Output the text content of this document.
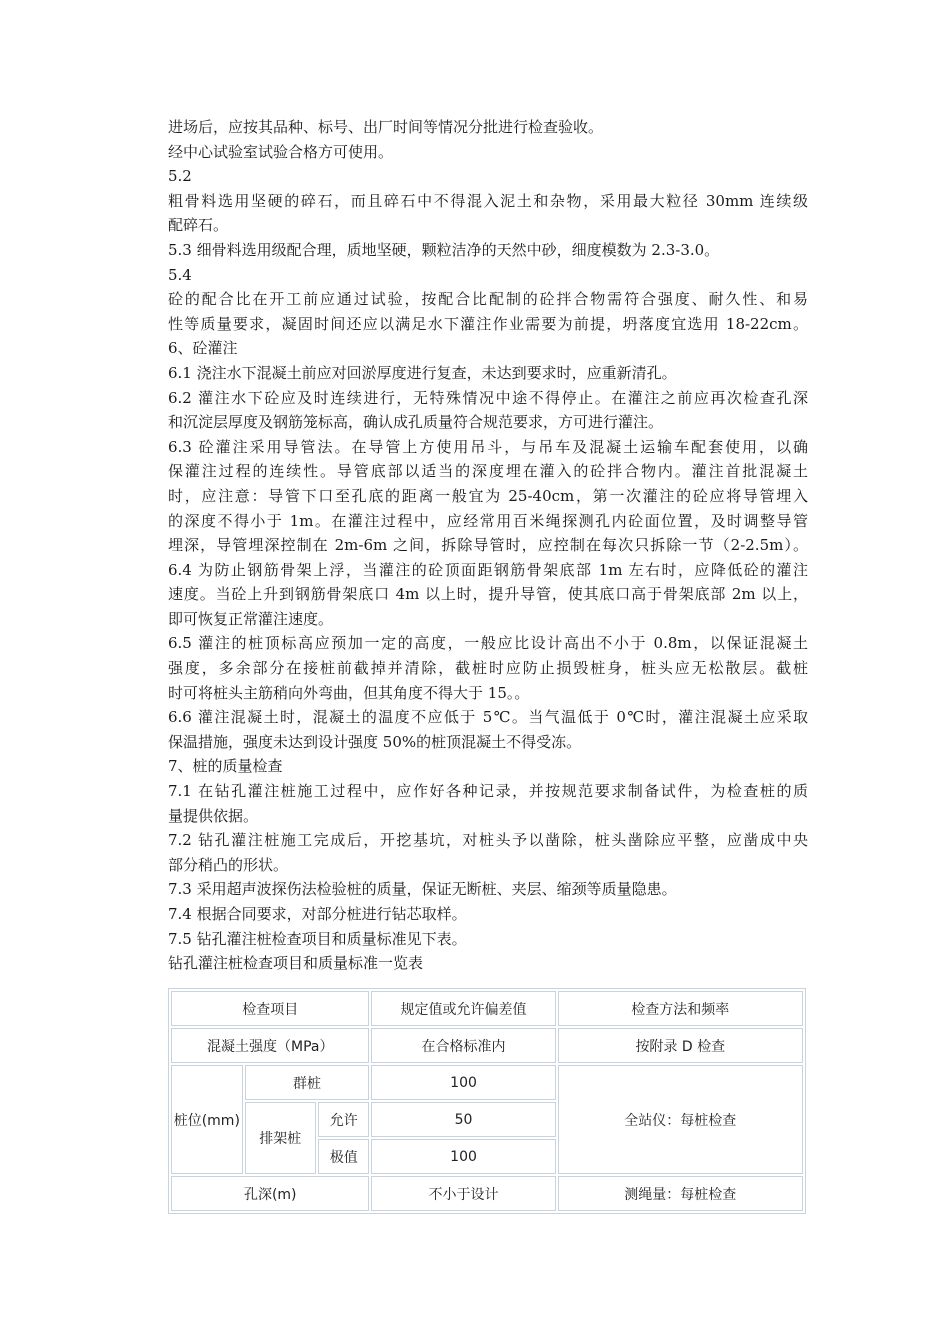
进场后，应按其品种、标号、出厂时间等情况分批进行检查验收。

经中心试验室试验合格方可使用。

5.2

粗骨料选用坚硬的碎石，而且碎石中不得混入泥土和杂物，采用最大粒径 30mm 连续级

配碎石。

5.3 细骨料选用级配合理，质地坚硬，颗粒洁净的天然中砂，细度模数为 2.3-3.0。

5.4

砼的配合比在开工前应通过试验，按配合比配制的砼拌合物需符合强度、耐久性、和易

性等质量要求，凝固时间还应以满足水下灌注作业需要为前提，坍落度宜选用 18-22cm。

6、砼灌注

6.1 浇注水下混凝土前应对回淤厚度进行复查，未达到要求时，应重新清孔。

6.2 灌注水下砼应及时连续进行，无特殊情况中途不得停止。在灌注之前应再次检查孔深

和沉淀层厚度及钢筋笼标高，确认成孔质量符合规范要求，方可进行灌注。

6.3 砼灌注采用导管法。在导管上方使用吊斗，与吊车及混凝土运输车配套使用，以确

保灌注过程的连续性。导管底部以适当的深度埋在灌入的砼拌合物内。灌注首批混凝土

时，应注意：导管下口至孔底的距离一般宜为 25-40cm，第一次灌注的砼应将导管埋入

的深度不得小于 1m。在灌注过程中，应经常用百米绳探测孔内砼面位置，及时调整导管

埋深，导管埋深控制在 2m-6m 之间，拆除导管时，应控制在每次只拆除一节（2-2.5m）。

6.4 为防止钢筋骨架上浮，当灌注的砼顶面距钢筋骨架底部 1m 左右时，应降低砼的灌注

速度。当砼上升到钢筋骨架底口 4m 以上时，提升导管，使其底口高于骨架底部 2m 以上，

即可恢复正常灌注速度。

6.5 灌注的桩顶标高应预加一定的高度，一般应比设计高出不小于 0.8m，以保证混凝土

强度，多余部分在接桩前截掉并清除，截桩时应防止损毁桩身，桩头应无松散层。截桩

时可将桩头主筋稍向外弯曲，但其角度不得大于 15。。

6.6 灌注混凝土时，混凝土的温度不应低于 5℃。当气温低于 0℃时，灌注混凝土应采取

保温措施，强度未达到设计强度 50%的桩顶混凝土不得受冻。

7、桩的质量检查

7.1 在钻孔灌注桩施工过程中，应作好各种记录，并按规范要求制备试件，为检查桩的质

量提供依据。

7.2 钻孔灌注桩施工完成后，开挖基坑，对桩头予以凿除，桩头凿除应平整，应凿成中央

部分稍凸的形状。

7.3 采用超声波探伤法检验桩的质量，保证无断桩、夹层、缩颈等质量隐患。

7.4 根据合同要求，对部分桩进行钻芯取样。

7.5 钻孔灌注桩检查项目和质量标准见下表。

钻孔灌注桩检查项目和质量标准一览表

检查项目			规定值或允许偏差值	检查方法和频率
混凝土强度（MPa）			在合格标准内	按附录 D 检查
桩位(mm)	群桩		100	全站仪：每桩检查
	排架桩	允许	50	
		极值	100	
孔深(m)			不小于设计	测绳量：每桩检查
